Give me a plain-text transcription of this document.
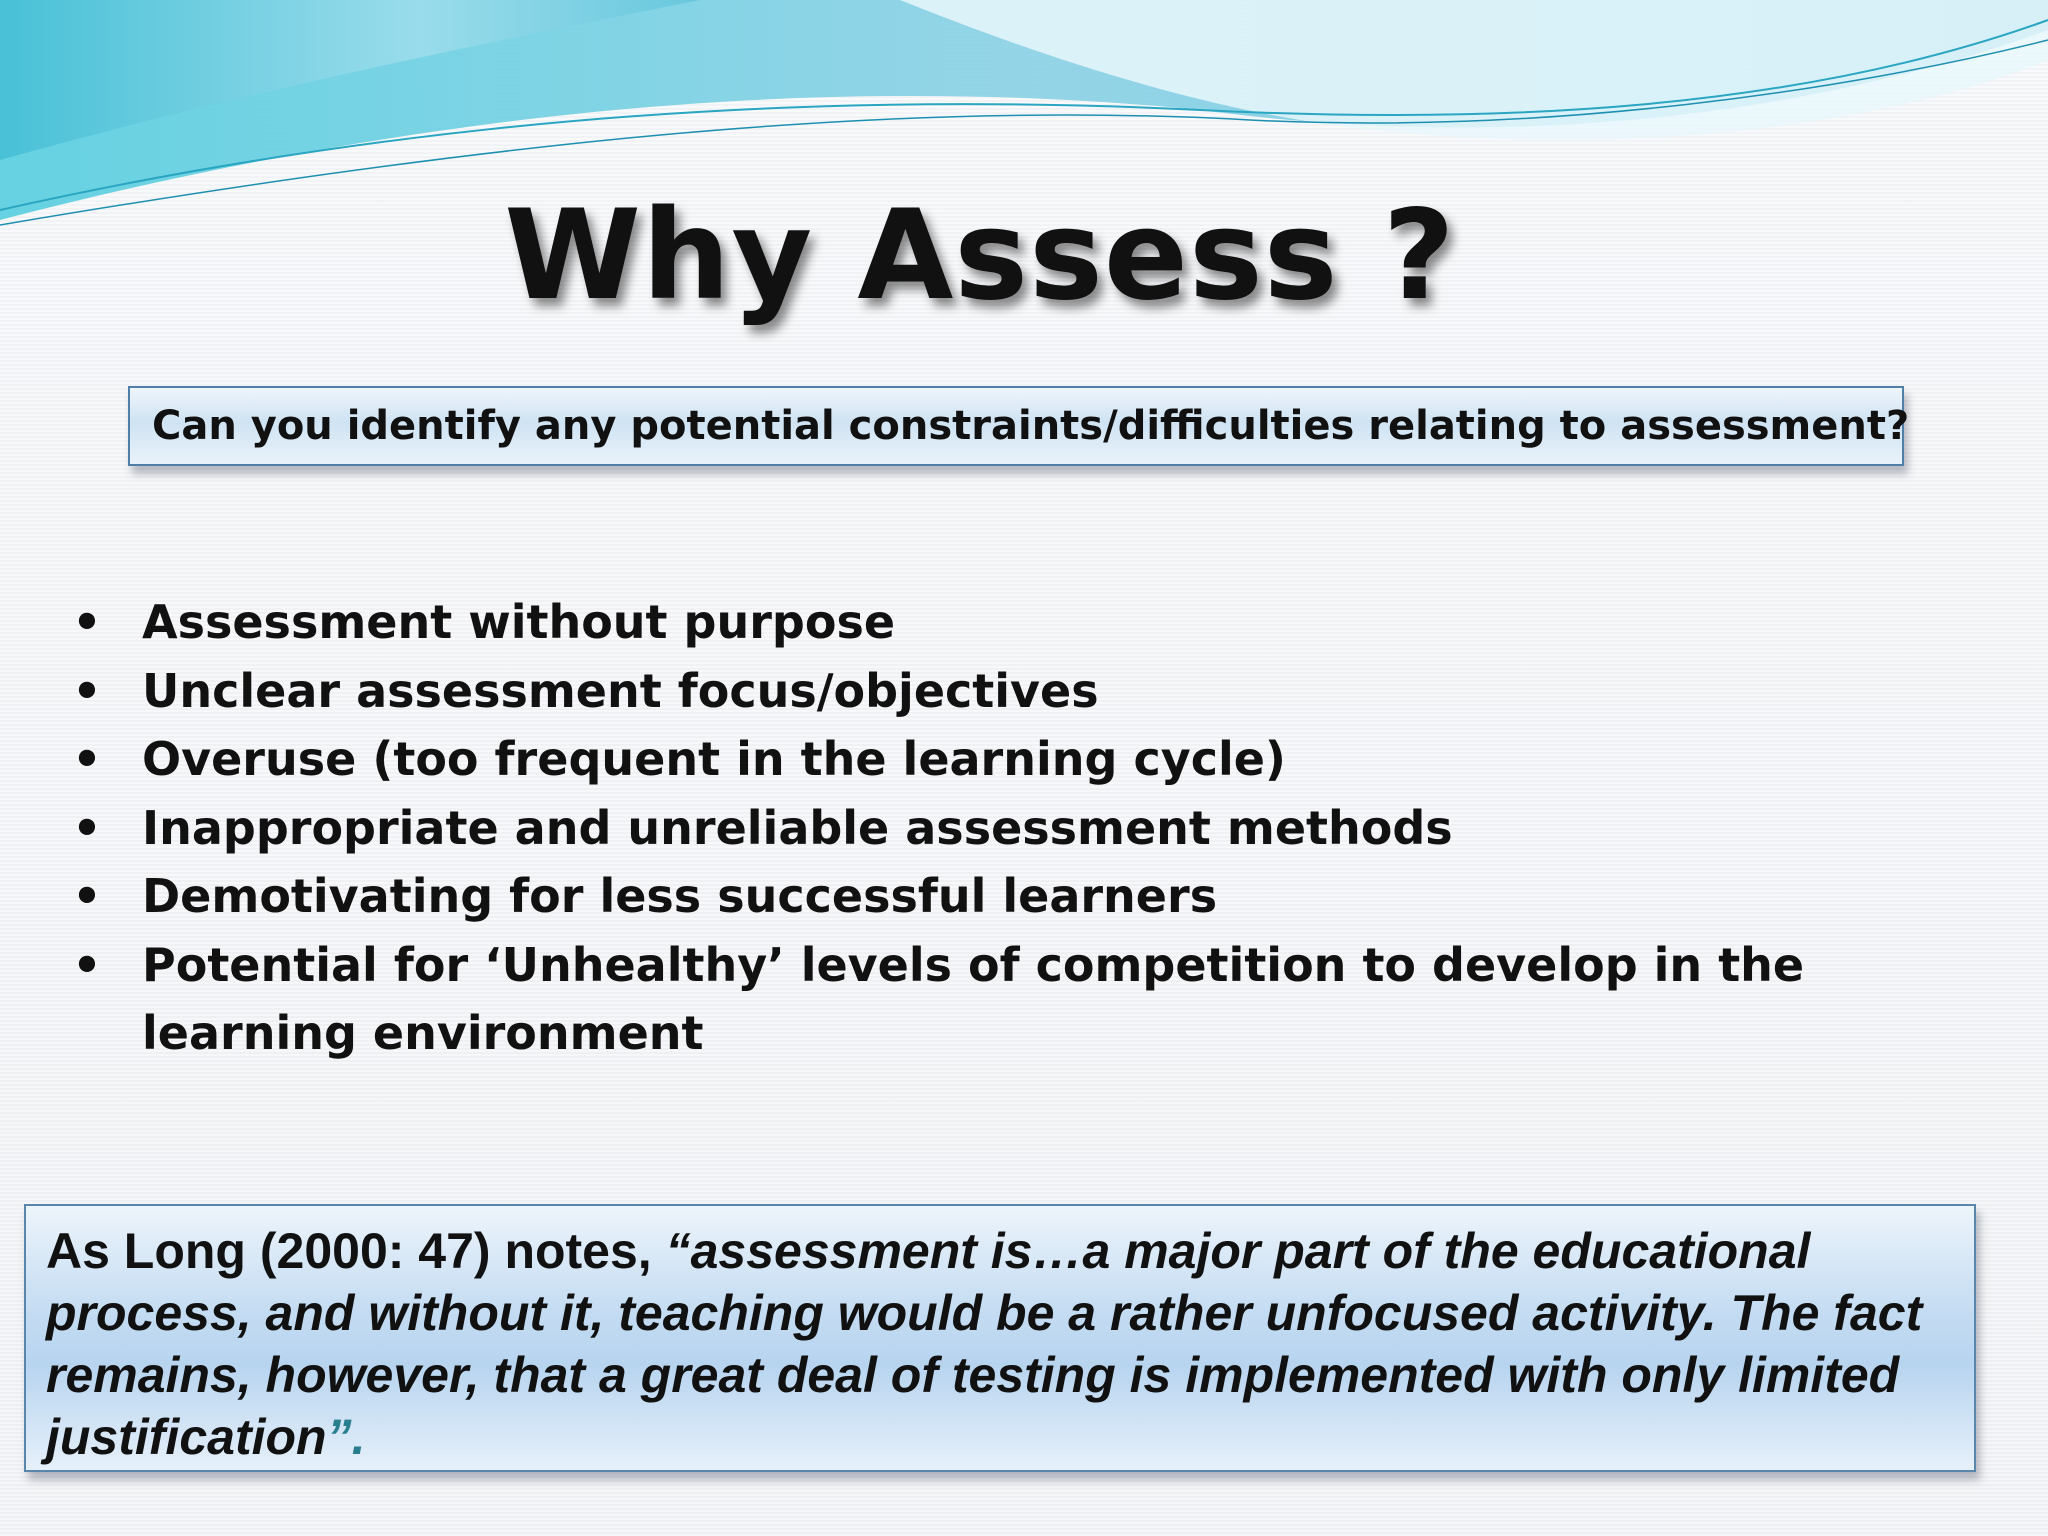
Why Assess ?
Can you identify any potential constraints/difficulties relating to assessment?
• Assessment without purpose
• Unclear assessment focus/objectives
• Overuse (too frequent in the learning cycle)
• Inappropriate and unreliable assessment methods
• Demotivating for less successful learners
• Potential for ‘Unhealthy’ levels of competition to develop in the learning environment
As Long (2000: 47) notes, “assessment is…a major part of the educational process, and without it, teaching would be a rather unfocused activity. The fact remains, however, that a great deal of testing is implemented with only limited justification”.
